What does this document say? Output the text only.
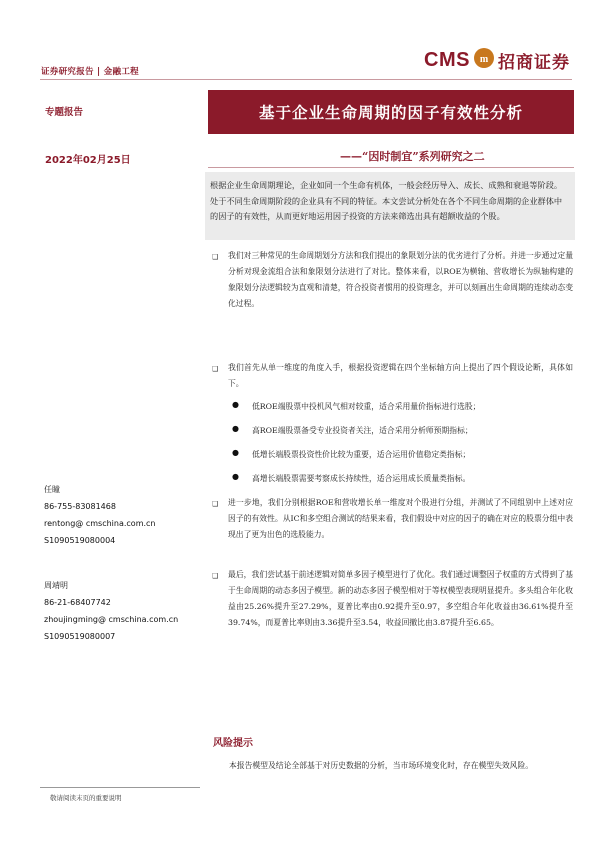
证券研究报告 | 金融工程
CMS m 招商证券
专题报告	基于企业生命周期的因子有效性分析
2022年02月25日	——“因时制宜”系列研究之二
根据企业生命周期理论，企业如同一个生命有机体，一般会经历导入、成长、成熟和衰退等阶段。处于不同生命周期阶段的企业具有不同的特征。本文尝试分析处在各个不同生命周期的企业群体中的因子的有效性，从而更好地运用因子投资的方法来筛选出具有超额收益的个股。
❑ 我们对三种常见的生命周期划分方法和我们提出的象限划分法的优劣进行了分析。并进一步通过定量分析对现金流组合法和象限划分法进行了对比。整体来看，以ROE为横轴、营收增长为纵轴构建的象限划分法逻辑较为直观和清楚，符合投资者惯用的投资理念，并可以刻画出生命周期的连续动态变化过程。
❑ 我们首先从单一维度的角度入手，根据投资逻辑在四个坐标轴方向上提出了四个假设论断，具体如下。
● 低ROE端股票中投机风气相对较重，适合采用量价指标进行选股；
● 高ROE端股票备受专业投资者关注，适合采用分析师预期指标；
● 低增长端股票投资性价比较为重要，适合运用价值稳定类指标；
● 高增长端股票需要考察成长持续性，适合运用成长质量类指标。
❑ 进一步地，我们分别根据ROE和营收增长单一维度对个股进行分组，并测试了不同组别中上述对应因子的有效性。从IC和多空组合测试的结果来看，我们假设中对应的因子的确在对应的股票分组中表现出了更为出色的选股能力。
❑ 最后，我们尝试基于前述逻辑对简单多因子模型进行了优化。我们通过调整因子权重的方式得到了基于生命周期的动态多因子模型。新的动态多因子模型相对于等权模型表现明显提升。多头组合年化收益由25.26%提升至27.29%，夏普比率由0.92提升至0.97，多空组合年化收益由36.61%提升至39.74%，而夏普比率则由3.36提升至3.54，收益回撤比由3.87提升至6.65。
任瞳
86-755-83081468
rentong@ cmschina.com.cn
S1090519080004
周靖明
86-21-68407742
zhoujingming@ cmschina.com.cn
S1090519080007
风险提示
本报告模型及结论全部基于对历史数据的分析，当市场环境变化时，存在模型失效风险。
敬请阅读末页的重要说明
